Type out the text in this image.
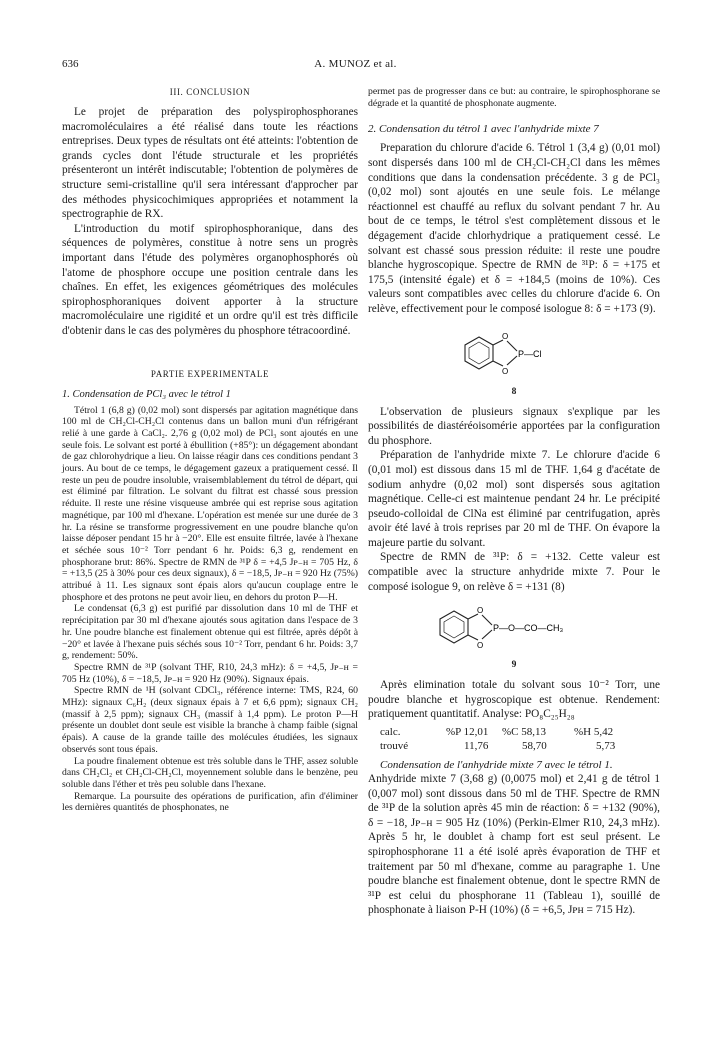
636	A. MUNOZ et al.
III. CONCLUSION

Le projet de préparation des polyspirophosphoranes macromoléculaires a été réalisé dans toute les réactions entreprises. Deux types de résultats ont été atteints: l'obtention de grands cycles dont l'étude structurale et les propriétés présenteront un intérêt indiscutable; l'obtention de polymères de structure semi-cristalline qu'il sera intéressant d'approcher par des méthodes physicochimiques appropriées et notamment la spectrographie de RX.

L'introduction du motif spirophosphoranique, dans des séquences de polymères, constitue à notre sens un progrès important dans l'étude des polymères organophosphorés où l'atome de phosphore occupe une position centrale dans les chaînes. En effet, les exigences géométriques des molécules spirophosphoraniques doivent apporter à la structure macromoléculaire une rigidité et un ordre qu'il est très difficile d'obtenir dans le cas des polymères du phosphore tétracoordiné.

PARTIE EXPERIMENTALE
1. Condensation de PCl₃ avec le tétrol 1

Tétrol 1 (6,8 g) (0,02 mol) sont dispersés par agitation magnétique dans 100 ml de CH₂Cl-CH₂Cl contenus dans un ballon muni d'un réfrigérant relié à une garde à CaCl₂. 2,76 g (0,02 mol) de PCl₃ sont ajoutés en une seule fois. Le solvant est porté à ébullition (+85°): un dégagement abondant de gaz chlorohydrique a lieu. On laisse réagir dans ces conditions pendant 3 jours. Au bout de ce temps, le dégagement gazeux a pratiquement cessé. Il reste un peu de poudre insoluble, vraisemblablement du tétrol de départ, qui est éliminé par filtration. Le solvant du filtrat est chassé sous pression réduite. Il reste une résine visqueuse ambrée qui est reprise sous agitation magnétique, par 100 ml d'hexane. L'opération est menée sur une durée de 3 hr. La résine se transforme progressivement en une poudre blanche qu'on laisse déposer pendant 15 hr à −20°. Elle est ensuite filtrée, lavée à l'hexane et séchée sous 10⁻² Torr pendant 6 hr. Poids: 6,3 g, rendement en phosphorane brut: 86%. Spectre de RMN de ³¹P δ = +4,5 Jᴘ₋ʜ = 705 Hz, δ = +13,5 (25 à 30% pour ces deux signaux), δ = −18,5, Jᴘ₋ʜ = 920 Hz (75%) attribué à 11. Les signaux sont épais alors qu'aucun couplage entre le phosphore et des protons ne peut avoir lieu, en dehors du proton P—H.

Le condensat (6,3 g) est purifié par dissolution dans 10 ml de THF et reprécipitation par 30 ml d'hexane ajoutés sous agitation dans l'espace de 3 hr. Une poudre blanche est finalement obtenue qui est filtrée, après dépôt à −20° et lavée à l'hexane puis séchés sous 10⁻² Torr, pendant 6 hr. Poids: 3,7 g, rendement: 50%.

Spectre RMN de ³¹P (solvant THF, R10, 24,3 mHz): δ = +4,5, Jᴘ₋ʜ = 705 Hz (10%), δ = −18,5, Jᴘ₋ʜ = 920 Hz (90%). Signaux épais.

Spectre RMN de ¹H (solvant CDCl₃, référence interne: TMS, R24, 60 MHz): signaux C₆H₂ (deux signaux épais à 7 et 6,6 ppm); signaux CH₂ (massif à 2,5 ppm); signaux CH₃ (massif à 1,4 ppm). Le proton P—H présente un doublet dont seule est visible la branche à champ faible (signal épais). A cause de la grande taille des molécules étudiées, les signaux observés sont tous épais.

La poudre finalement obtenue est très soluble dans le THF, assez soluble dans CH₂Cl₂ et CH₂Cl-CH₂Cl, moyennement soluble dans le benzène, peu soluble dans l'éther et très peu soluble dans l'hexane.

Remarque. La poursuite des opérations de purification, afin d'éliminer les dernières quantités de phosphonates, ne

permet pas de progresser dans ce but: au contraire, le spirophosphorane se dégrade et la quantité de phosphonate augmente.

2. Condensation du tétrol 1 avec l'anhydride mixte 7

Preparation du chlorure d'acide 6. Tétrol 1 (3,4 g) (0,01 mol) sont dispersés dans 100 ml de CH₂Cl-CH₂Cl dans les mêmes conditions que dans la condensation précédente. 3 g de PCl₃ (0,02 mol) sont ajoutés en une seule fois. Le mélange réactionnel est chauffé au reflux du solvant pendant 7 hr. Au bout de ce temps, le tétrol s'est complètement dissous et le dégagement d'acide chlorhydrique a pratiquement cessé. Le solvant est chassé sous pression réduite: il reste une poudre blanche hygroscopique. Spectre de RMN de ³¹P: δ = +175 et 175,5 (intensité égale) et δ = +184,5 (moins de 10%). Ces valeurs sont compatibles avec celles du chlorure d'acide 6. On relève, effectivement pour le composé isologue 8: δ = +173 (9).

O
O
P—Cl
8

L'observation de plusieurs signaux s'explique par les possibilités de diastéréoisomérie apportées par la configuration du phosphore.

Préparation de l'anhydride mixte 7. Le chlorure d'acide 6 (0,01 mol) est dissous dans 15 ml de THF. 1,64 g d'acétate de sodium anhydre (0,02 mol) sont dispersés sous agitation magnétique. Celle-ci est maintenue pendant 24 hr. Le précipité pseudo-colloidal de ClNa est éliminé par centrifugation, après avoir été lavé à trois reprises par 20 ml de THF. On évapore la majeure partie du solvant.

Spectre de RMN de ³¹P: δ = +132. Cette valeur est compatible avec la structure anhydride mixte 7. Pour le composé isologue 9, on relève δ = +131 (8)

O
O
P—O—CO—CH₃
9

Après elimination totale du solvant sous 10⁻² Torr, une poudre blanche et hygroscopique est obtenue. Rendement: pratiquement quantitatif. Analyse: PO₈C₂₅H₂₈

calc.	%P 12,01	%C 58,13	%H 5,42
trouvé	11,76	58,70	5,73
Condensation de l'anhydride mixte 7 avec le tétrol 1.

Anhydride mixte 7 (3,68 g) (0,0075 mol) et 2,41 g de tétrol 1 (0,007 mol) sont dissous dans 50 ml de THF. Spectre de RMN de ³¹P de la solution après 45 min de réaction: δ = +132 (90%), δ = −18, Jᴘ₋ʜ = 905 Hz (10%) (Perkin-Elmer R10, 24,3 mHz). Après 5 hr, le doublet à champ fort est seul présent. Le spirophosphorane 11 a été isolé après évaporation de THF et traitement par 50 ml d'hexane, comme au paragraphe 1. Une poudre blanche est finalement obtenue, dont le spectre RMN de ³¹P est celui du phosphorane 11 (Tableau 1), souillé de phosphonate à liaison P-H (10%) (δ = +6,5, Jᴘʜ = 715 Hz).
